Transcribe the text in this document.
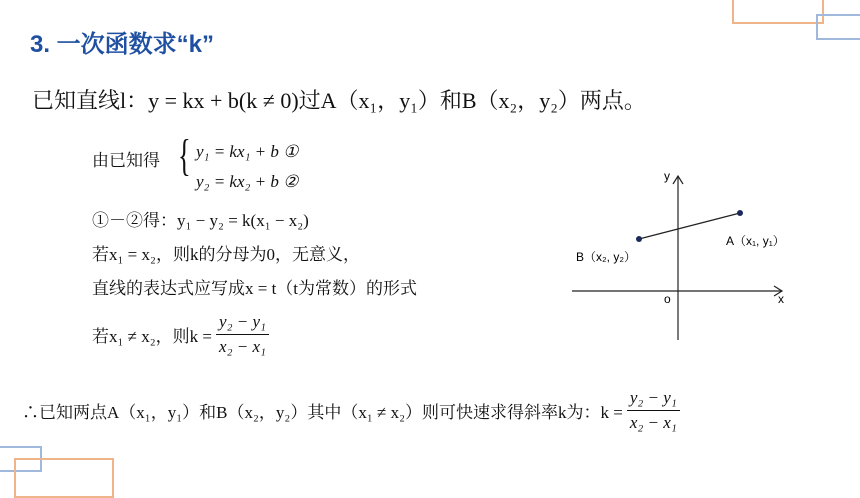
3. 一次函数求“k”
已知直线l：y = kx + b(k ≠ 0)过A（x₁，y₁）和B（x₂，y₂）两点。
由已知得 { y₁ = kx₁ + b ①
y₂ = kx₂ + b ②
①－②得：y₁ − y₂ = k(x₁ − x₂)
若x₁ = x₂，则k的分母为0，无意义，
直线的表达式应写成x = t（t为常数）的形式
若x₁ ≠ x₂，则$k = \frac{\text{y₂ − y₁}}{\text{x₂ − x₁}}$
y
x
o
A（x₁, y₁）
B（x₂, y₂）
∴已知两点A（x₁，y₁）和B（x₂，y₂）其中（x₁ ≠ x₂）则可快速求得斜率k为：$k = \frac{\text{y₂ − y₁}}{\text{x₂ − x₁}}$
